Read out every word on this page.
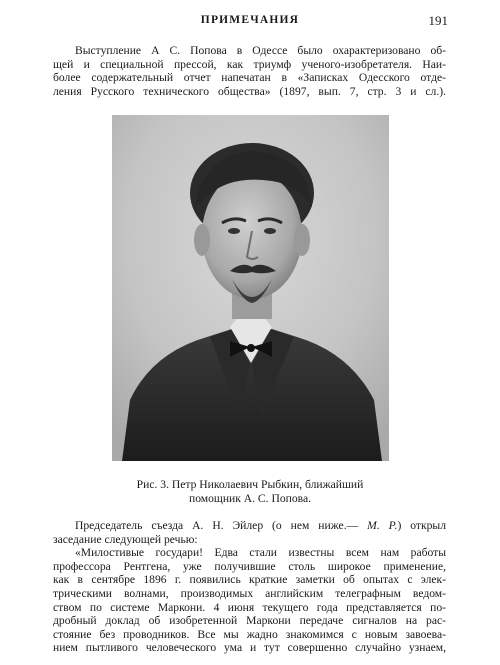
ПРИМЕЧАНИЯ	191
Выступление А С. Попова в Одессе было охарактеризовано об-
щей и специальной прессой, как триумф ученого-изобретателя. Наи-
более содержательный отчет напечатан в «Записках Одесского отде-
ления Русского технического общества» (1897, вып. 7, стр. 3 и сл.).
Рис. 3. Петр Николаевич Рыбкин, ближайший
помощник А. С. Попова.
Председатель съезда А. Н. Эйлер (о нем ниже.— М. Р.) открыл
заседание следующей речью:
«Милостивые государи! Едва стали известны всем нам работы
профессора Рентгена, уже получившие столь широкое применение,
как в сентябре 1896 г. появились краткие заметки об опытах с элек-
трическими волнами, производимых английским телеграфным ведом-
ством по системе Маркони. 4 июня текущего года представляется по-
дробный доклад об изобретенной Маркони передаче сигналов на рас-
стояние без проводников. Все мы жадно знакомимся с новым завоева-
нием пытливого человеческого ума и тут совершенно случайно узнаем,
